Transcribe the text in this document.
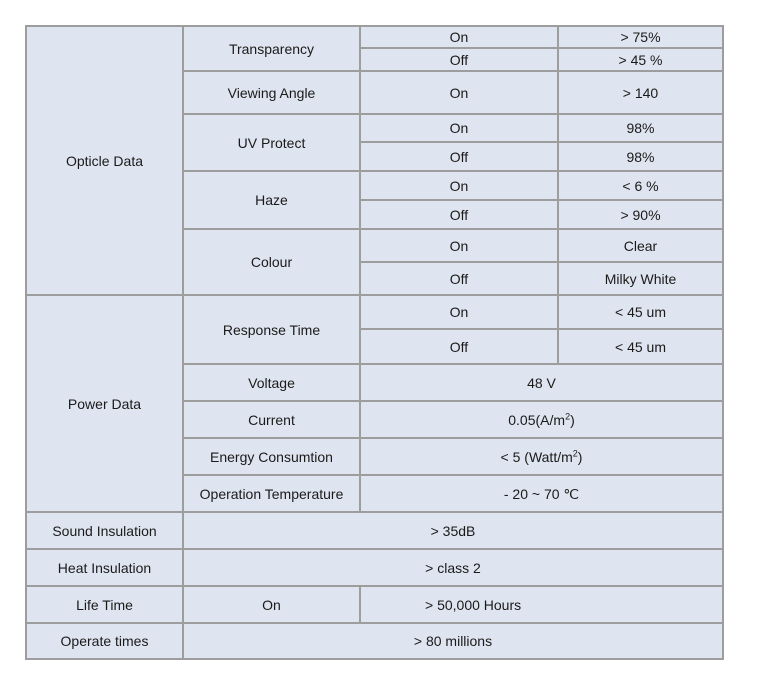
Opticle Data	Transparency	On	> 75%
		Off	> 45 %
	Viewing Angle	On	> 140
	UV Protect	On	98%
		Off	98%
	Haze	On	< 6 %
		Off	> 90%
	Colour	On	Clear
		Off	Milky White
Power Data	Response Time	On	< 45 um
		Off	< 45 um
	Voltage	48 V	
	Current	$0.05(A/m^2)$	
	Energy Consumtion	< 5 $(Watt/m^2)$	
	Operation Temperature	- 20 ~ 70 ℃	
Sound Insulation	> 35dB		
Heat Insulation	> class 2		
Life Time	On	> 50,000 Hours	
Operate times	> 80 millions		
